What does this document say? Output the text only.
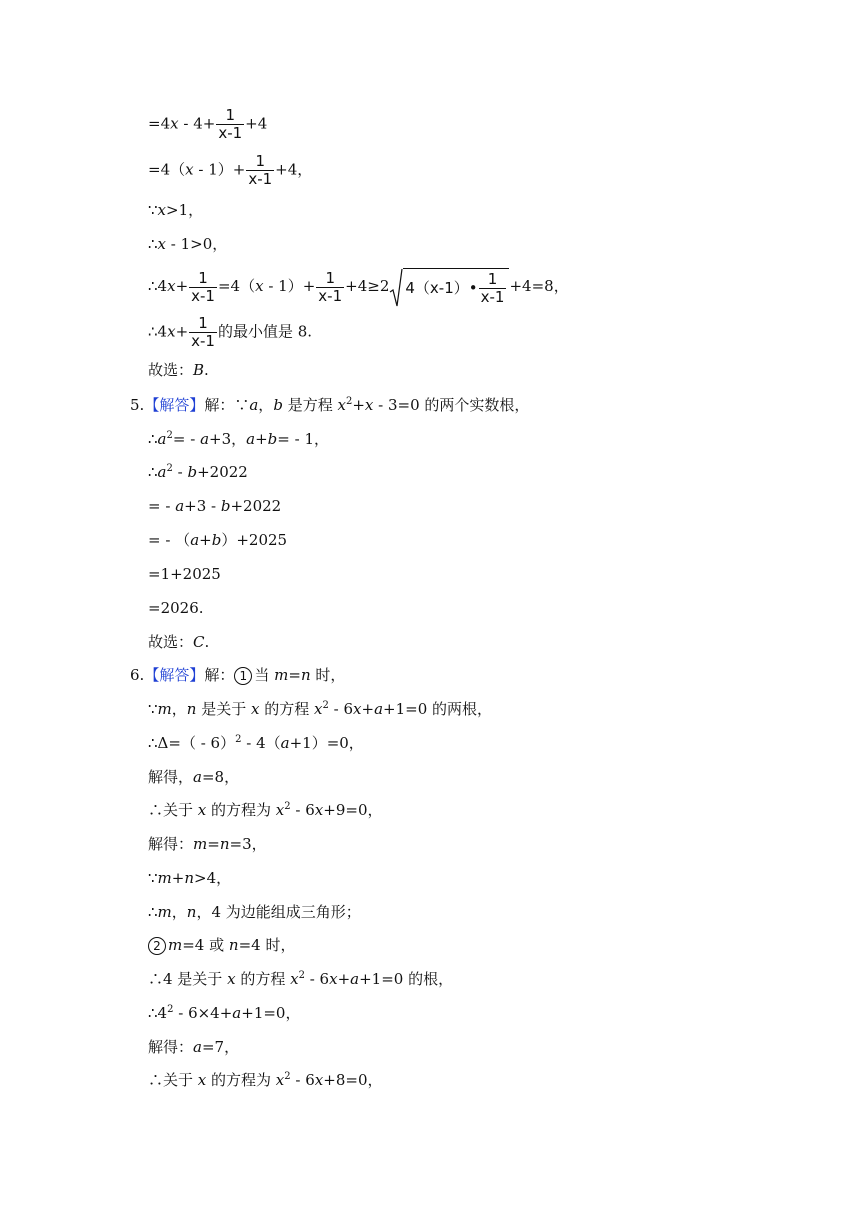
$=4x - 4+ \frac{1}{x-1} +4$
$=4(x - 1)+ \frac{1}{x-1} +4$，
∵x>1，
∴x - 1>0，
∴4x+ $\frac{1}{x-1} =4(x - 1)+ \frac{1}{x-1} +4\ge 2$ 4（x-1）• $\frac{1}{x-1} +4=8$，
∴4x+ $\frac{1}{x-1}$ 的最小值是 8.
故选：B.
5.【解答】解：∵a，b 是方程 $x^2+x - 3=0$ 的两个实数根，
$\therefore a^2= - a+3$，a+b= - 1，
$\therefore a^2 - b+2022$
= - a+3 - b+2022
= - （a+b）+2025
=1+2025
=2026.
故选：C.
6.【解答】解： 1 当 m=n 时，
∵m，n 是关于 x 的方程 $x^2 - 6x+a+1=0$ 的两根，
∴Δ=（ - 6）$^2$ - 4（a+1）=0，
解得，a=8，
∴关于 x 的方程为 $x^2 - 6x+9=0$，
解得：m=n=3，
∵m+n>4，
∴m，n，4 为边能组成三角形；
2 m=4 或 n=4 时，
∴4 是关于 x 的方程 $x^2 - 6x+a+1=0$ 的根，
$\therefore 4^2 - 6\times 4+a+1=0$，
解得：a=7，
∴关于 x 的方程为 $x^2 - 6x+8=0$，
